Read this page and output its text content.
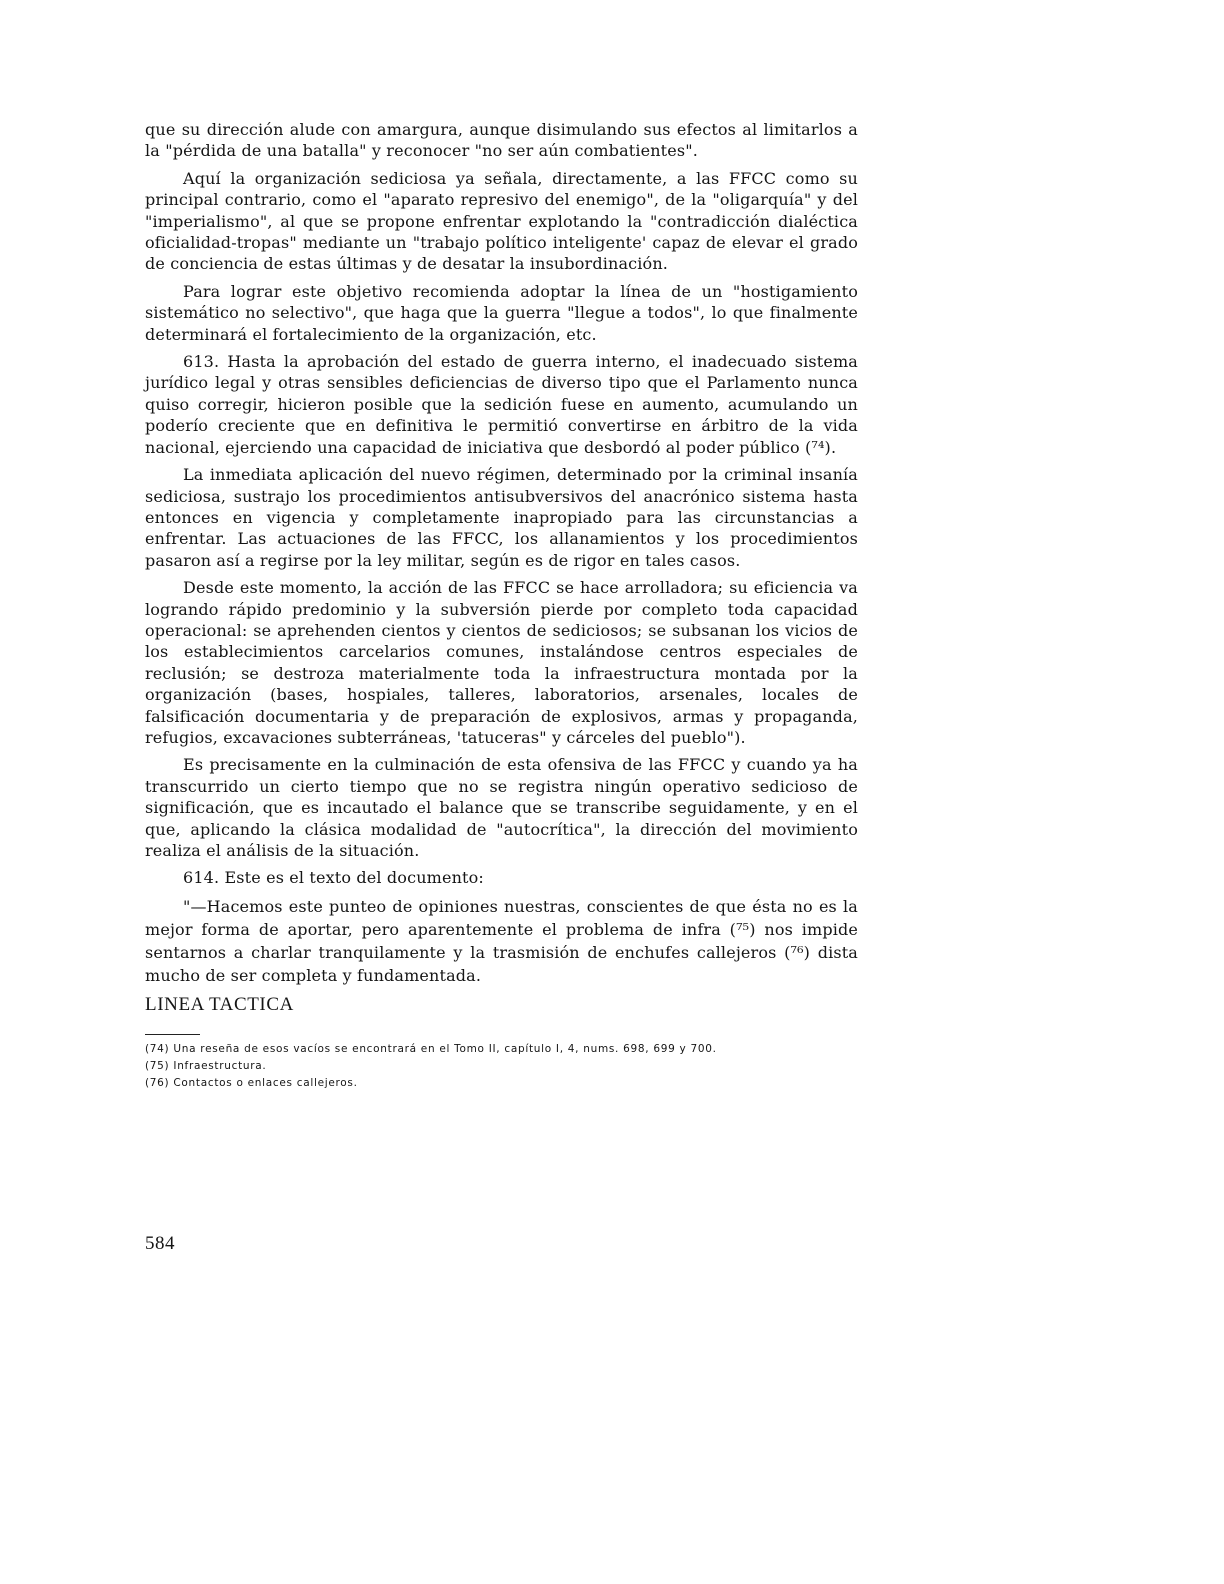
que su dirección alude con amargura, aunque disimulando sus efectos al limitarlos a la "pérdida de una batalla" y reconocer "no ser aún combatientes".

Aquí la organización sediciosa ya señala, directamente, a las FFCC como su principal contrario, como el "aparato represivo del enemigo", de la "oligarquía" y del "imperialismo", al que se propone enfrentar explotando la "contradicción dialéctica oficialidad-tropas" mediante un "trabajo político inteligente' capaz de elevar el grado de conciencia de estas últimas y de desatar la insubordinación.

Para lograr este objetivo recomienda adoptar la línea de un "hostigamiento sistemático no selectivo", que haga que la guerra "llegue a todos", lo que finalmente determinará el fortalecimiento de la organización, etc.

613. Hasta la aprobación del estado de guerra interno, el inadecuado sistema jurídico legal y otras sensibles deficiencias de diverso tipo que el Parlamento nunca quiso corregir, hicieron posible que la sedición fuese en aumento, acumulando un poderío creciente que en definitiva le permitió convertirse en árbitro de la vida nacional, ejerciendo una capacidad de iniciativa que desbordó al poder público (⁷⁴).

La inmediata aplicación del nuevo régimen, determinado por la criminal insanía sediciosa, sustrajo los procedimientos antisubversivos del anacrónico sistema hasta entonces en vigencia y completamente inapropiado para las circunstancias a enfrentar. Las actuaciones de las FFCC, los allanamientos y los procedimientos pasaron así a regirse por la ley militar, según es de rigor en tales casos.

Desde este momento, la acción de las FFCC se hace arrolladora; su eficiencia va logrando rápido predominio y la subversión pierde por completo toda capacidad operacional: se aprehenden cientos y cientos de sediciosos; se subsanan los vicios de los establecimientos carcelarios comunes, instalándose centros especiales de reclusión; se destroza materialmente toda la infraestructura montada por la organización (bases, hospiales, talleres, laboratorios, arsenales, locales de falsificación documentaria y de preparación de explosivos, armas y propaganda, refugios, excavaciones subterráneas, 'tatuceras" y cárceles del pueblo").

Es precisamente en la culminación de esta ofensiva de las FFCC y cuando ya ha transcurrido un cierto tiempo que no se registra ningún operativo sedicioso de significación, que es incautado el balance que se transcribe seguidamente, y en el que, aplicando la clásica modalidad de "autocrítica", la dirección del movimiento realiza el análisis de la situación.

614. Este es el texto del documento:

"—Hacemos este punteo de opiniones nuestras, conscientes de que ésta no es la mejor forma de aportar, pero aparentemente el problema de infra (⁷⁵) nos impide sentarnos a charlar tranquilamente y la trasmisión de enchufes callejeros (⁷⁶) dista mucho de ser completa y fundamentada.

LINEA TACTICA

(74) Una reseña de esos vacíos se encontrará en el Tomo II, capítulo I, 4, nums. 698, 699 y 700.

(75) Infraestructura.

(76) Contactos o enlaces callejeros.

584
